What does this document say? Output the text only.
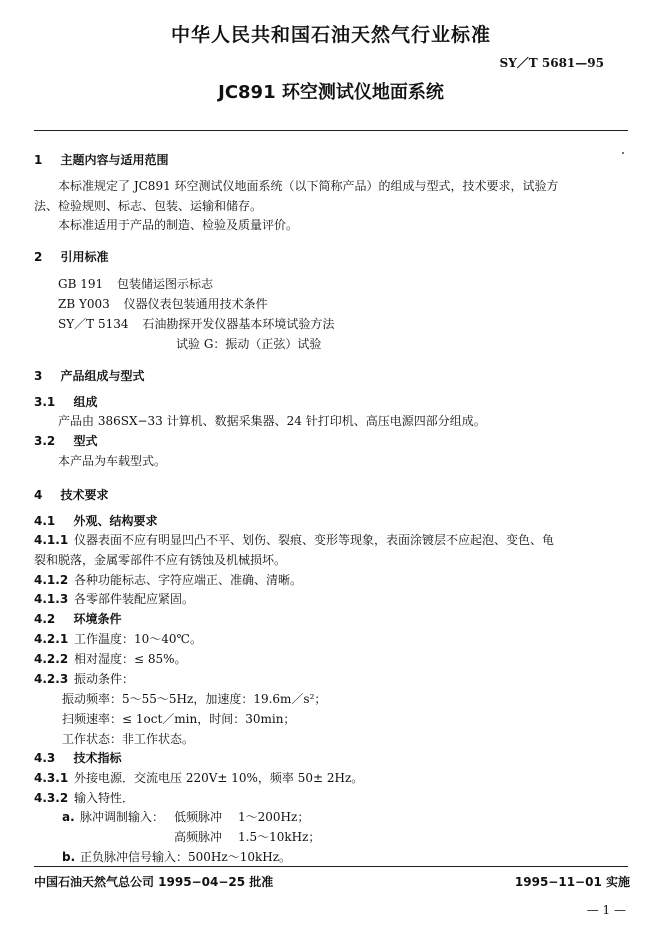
中华人民共和国石油天然气行业标准
SY／T 5681—95
JC891 环空测试仪地面系统
1 主题内容与适用范围
本标准规定了 JC891 环空测试仪地面系统（以下简称产品）的组成与型式，技术要求，试验方
法、检验规则、标志、包装、运输和储存。
本标准适用于产品的制造、检验及质量评价。
2 引用标准
GB 191 包装储运图示标志
ZB Y003 仪器仪表包装通用技术条件
SY／T 5134 石油勘探开发仪器基本环境试验方法
试验 G：振动（正弦）试验
3 产品组成与型式
3.1 组成
产品由 386SX−33 计算机、数据采集器、24 针打印机、高压电源四部分组成。
3.2 型式
本产品为车载型式。
4 技术要求
4.1 外观、结构要求
4.1.1 仪器表面不应有明显凹凸不平、划伤、裂痕、变形等现象，表面涂镀层不应起泡、变色、龟
裂和脱落，金属零部件不应有锈蚀及机械损坏。
4.1.2 各种功能标志、字符应端正、准确、清晰。
4.1.3 各零部件装配应紧固。
4.2 环境条件
4.2.1 工作温度：10～40℃。
4.2.2 相对湿度：≤ 85%。
4.2.3 振动条件：
振动频率：5～55～5Hz，加速度：19.6m／s²；
扫频速率：≤ 1oct／min，时间：30min；
工作状态：非工作状态。
4.3 技术指标
4.3.1 外接电源．交流电压 220V± 10%，频率 50± 2Hz。
4.3.2 输入特性．
a. 脉冲调制输入： 低频脉冲 1～200Hz；
高频脉冲 1.5～10kHz；
b. 正负脉冲信号输入：500Hz～10kHz。
中国石油天然气总公司 1995−04−25 批准	1995−11−01 实施
— 1 —
